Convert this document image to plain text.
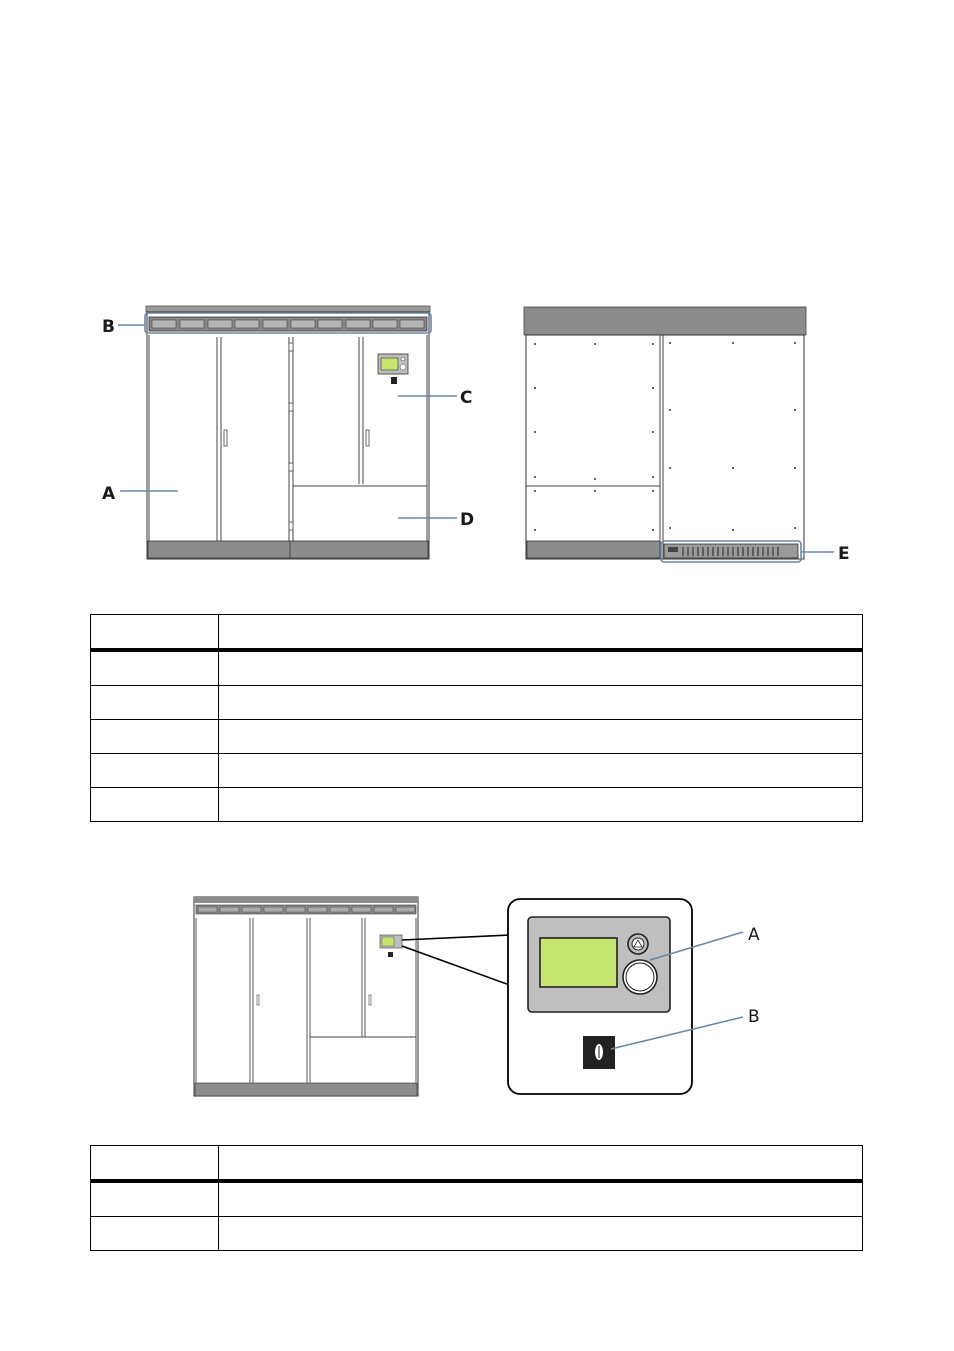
B
A
C
D
E

A
B
